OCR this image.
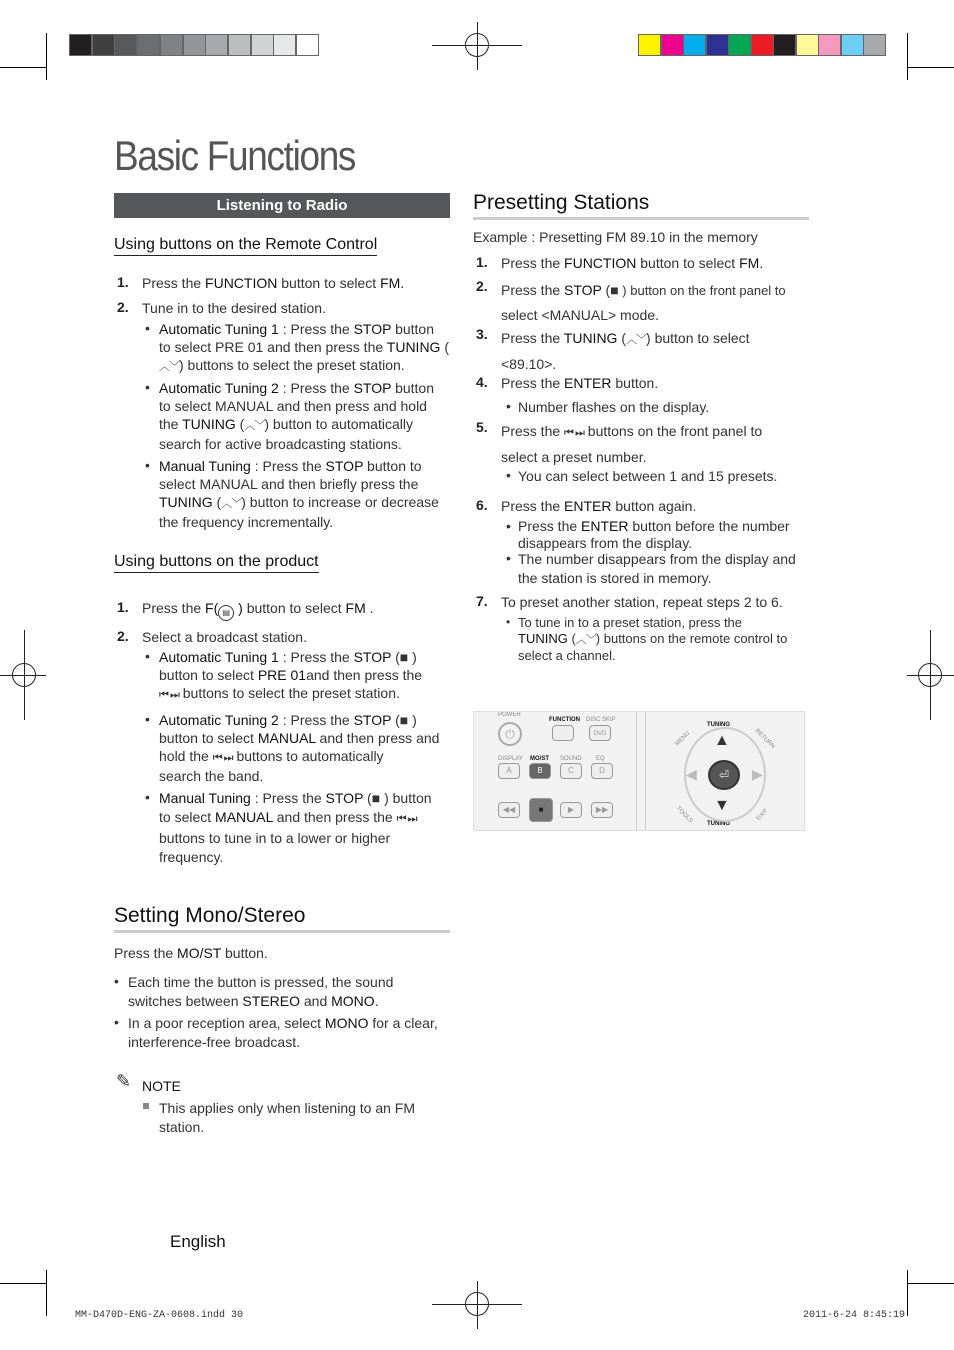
Basic Functions
Listening to Radio
Using buttons on the Remote Control
1. Press the FUNCTION button to select FM.
2. Tune in to the desired station.
• Automatic Tuning 1 : Press the STOP button
to select PRE 01 and then press the TUNING (
︿﹀) buttons to select the preset station.
• Automatic Tuning 2 : Press the STOP button
to select MANUAL and then press and hold
the TUNING (︿﹀) button to automatically
search for active broadcasting stations.
• Manual Tuning : Press the STOP button to
select MANUAL and then briefly press the
TUNING (︿﹀) button to increase or decrease
the frequency incrementally.
Using buttons on the product
1. Press the F( ▤ ) button to select FM .
2. Select a broadcast station.
• Automatic Tuning 1 : Press the STOP (■ )
button to select PRE 01and then press the
⏮ ⏭ buttons to select the preset station.
• Automatic Tuning 2 : Press the STOP (■ )
button to select MANUAL and then press and
hold the ⏮ ⏭ buttons to automatically
search the band.
• Manual Tuning : Press the STOP (■ ) button
to select MANUAL and then press the ⏮ ⏭
buttons to tune in to a lower or higher
frequency.
Setting Mono/Stereo
Press the MO/ST button.
• Each time the button is pressed, the sound
switches between STEREO and MONO.
• In a poor reception area, select MONO for a clear,
interference-free broadcast.
✎ NOTE
This applies only when listening to an FM
station.
Presetting Stations
Example : Presetting FM 89.10 in the memory
1. Press the FUNCTION button to select FM.
2. Press the STOP (■ ) button on the front panel to
select <MANUAL> mode.
3. Press the TUNING (︿﹀) button to select
<89.10>.
4. Press the ENTER button.
• Number flashes on the display.
5. Press the ⏮ ⏭ buttons on the front panel to
select a preset number.
• You can select between 1 and 15 presets.
6. Press the ENTER button again.
• Press the ENTER button before the number
disappears from the display.
• The number disappears from the display and
the station is stored in memory.
7. To preset another station, repeat steps 2 to 6.
• To tune in to a preset station, press the
TUNING (︿﹀) buttons on the remote control to
select a channel.
POWER
⏻
FUNCTION DISC SKIP
DVD
DISPLAY MO/ST SOUND EQ
A	B	C	D
◀◀	■	▶	▶▶
MENU	RETURN
TOOLS	EXIT
TUNING
TUNING
▲
▼
◀	▶
⏎
English
MM-D470D-ENG-ZA-0608.indd 30	2011-6-24 8:45:19
